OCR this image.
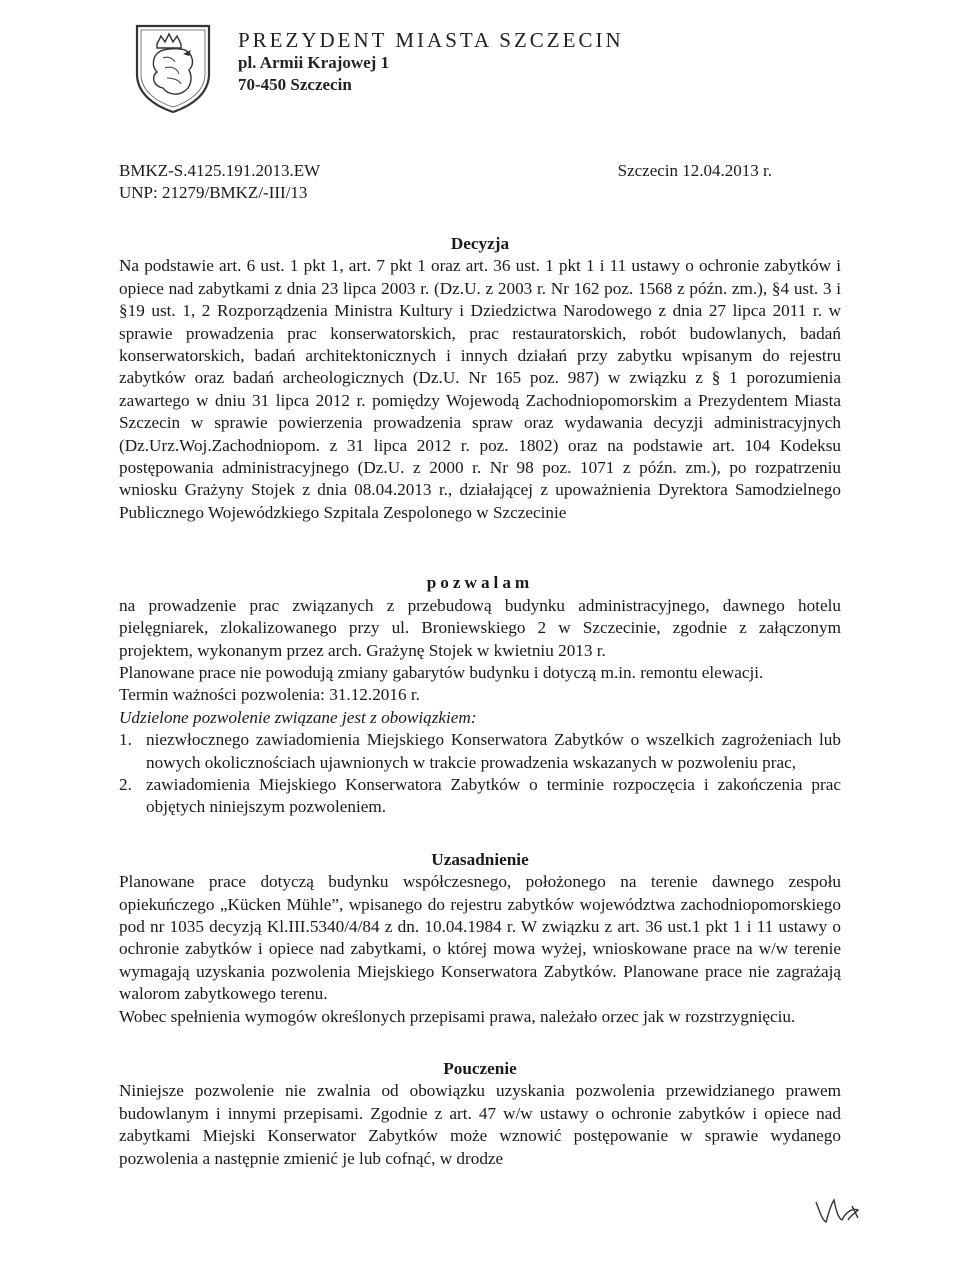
PREZYDENT MIASTA SZCZECIN
pl. Armii Krajowej 1
70-450 Szczecin
BMKZ-S.4125.191.2013.EW
UNP: 21279/BMKZ/-III/13
Szczecin 12.04.2013 r.

Decyzja

Na podstawie art. 6 ust. 1 pkt 1, art. 7 pkt 1 oraz art. 36 ust. 1 pkt 1 i 11 ustawy o ochronie zabytków i opiece nad zabytkami z dnia 23 lipca 2003 r. (Dz.U. z 2003 r. Nr 162 poz. 1568 z późn. zm.), §4 ust. 3 i §19 ust. 1, 2 Rozporządzenia Ministra Kultury i Dziedzictwa Narodowego z dnia 27 lipca 2011 r. w sprawie prowadzenia prac konserwatorskich, prac restauratorskich, robót budowlanych, badań konserwatorskich, badań architektonicznych i innych działań przy zabytku wpisanym do rejestru zabytków oraz badań archeologicznych (Dz.U. Nr 165 poz. 987) w związku z § 1 porozumienia zawartego w dniu 31 lipca 2012 r. pomiędzy Wojewodą Zachodniopomorskim a Prezydentem Miasta Szczecin w sprawie powierzenia prowadzenia spraw oraz wydawania decyzji administracyjnych (Dz.Urz.Woj.Zachodniopom. z 31 lipca 2012 r. poz. 1802) oraz na podstawie art. 104 Kodeksu postępowania administracyjnego (Dz.U. z 2000 r. Nr 98 poz. 1071 z późn. zm.), po rozpatrzeniu wniosku Grażyny Stojek z dnia 08.04.2013 r., działającej z upoważnienia Dyrektora Samodzielnego Publicznego Wojewódzkiego Szpitala Zespolonego w Szczecinie

pozwalam

na prowadzenie prac związanych z przebudową budynku administracyjnego, dawnego hotelu pielęgniarek, zlokalizowanego przy ul. Broniewskiego 2 w Szczecinie, zgodnie z załączonym projektem, wykonanym przez arch. Grażynę Stojek w kwietniu 2013 r.

Planowane prace nie powodują zmiany gabarytów budynku i dotyczą m.in. remontu elewacji.

Termin ważności pozwolenia: 31.12.2016 r.

Udzielone pozwolenie związane jest z obowiązkiem:

1. niezwłocznego zawiadomienia Miejskiego Konserwatora Zabytków o wszelkich zagrożeniach lub nowych okolicznościach ujawnionych w trakcie prowadzenia wskazanych w pozwoleniu prac,
2. zawiadomienia Miejskiego Konserwatora Zabytków o terminie rozpoczęcia i zakończenia prac objętych niniejszym pozwoleniem.

Uzasadnienie

Planowane prace dotyczą budynku współczesnego, położonego na terenie dawnego zespołu opiekuńczego „Kücken Mühle”, wpisanego do rejestru zabytków województwa zachodniopomorskiego pod nr 1035 decyzją Kl.III.5340/4/84 z dn. 10.04.1984 r. W związku z art. 36 ust.1 pkt 1 i 11 ustawy o ochronie zabytków i opiece nad zabytkami, o której mowa wyżej, wnioskowane prace na w/w terenie wymagają uzyskania pozwolenia Miejskiego Konserwatora Zabytków. Planowane prace nie zagrażają walorom zabytkowego terenu.

Wobec spełnienia wymogów określonych przepisami prawa, należało orzec jak w rozstrzygnięciu.

Pouczenie

Niniejsze pozwolenie nie zwalnia od obowiązku uzyskania pozwolenia przewidzianego prawem budowlanym i innymi przepisami. Zgodnie z art. 47 w/w ustawy o ochronie zabytków i opiece nad zabytkami Miejski Konserwator Zabytków może wznowić postępowanie w sprawie wydanego pozwolenia a następnie zmienić je lub cofnąć, w drodze
